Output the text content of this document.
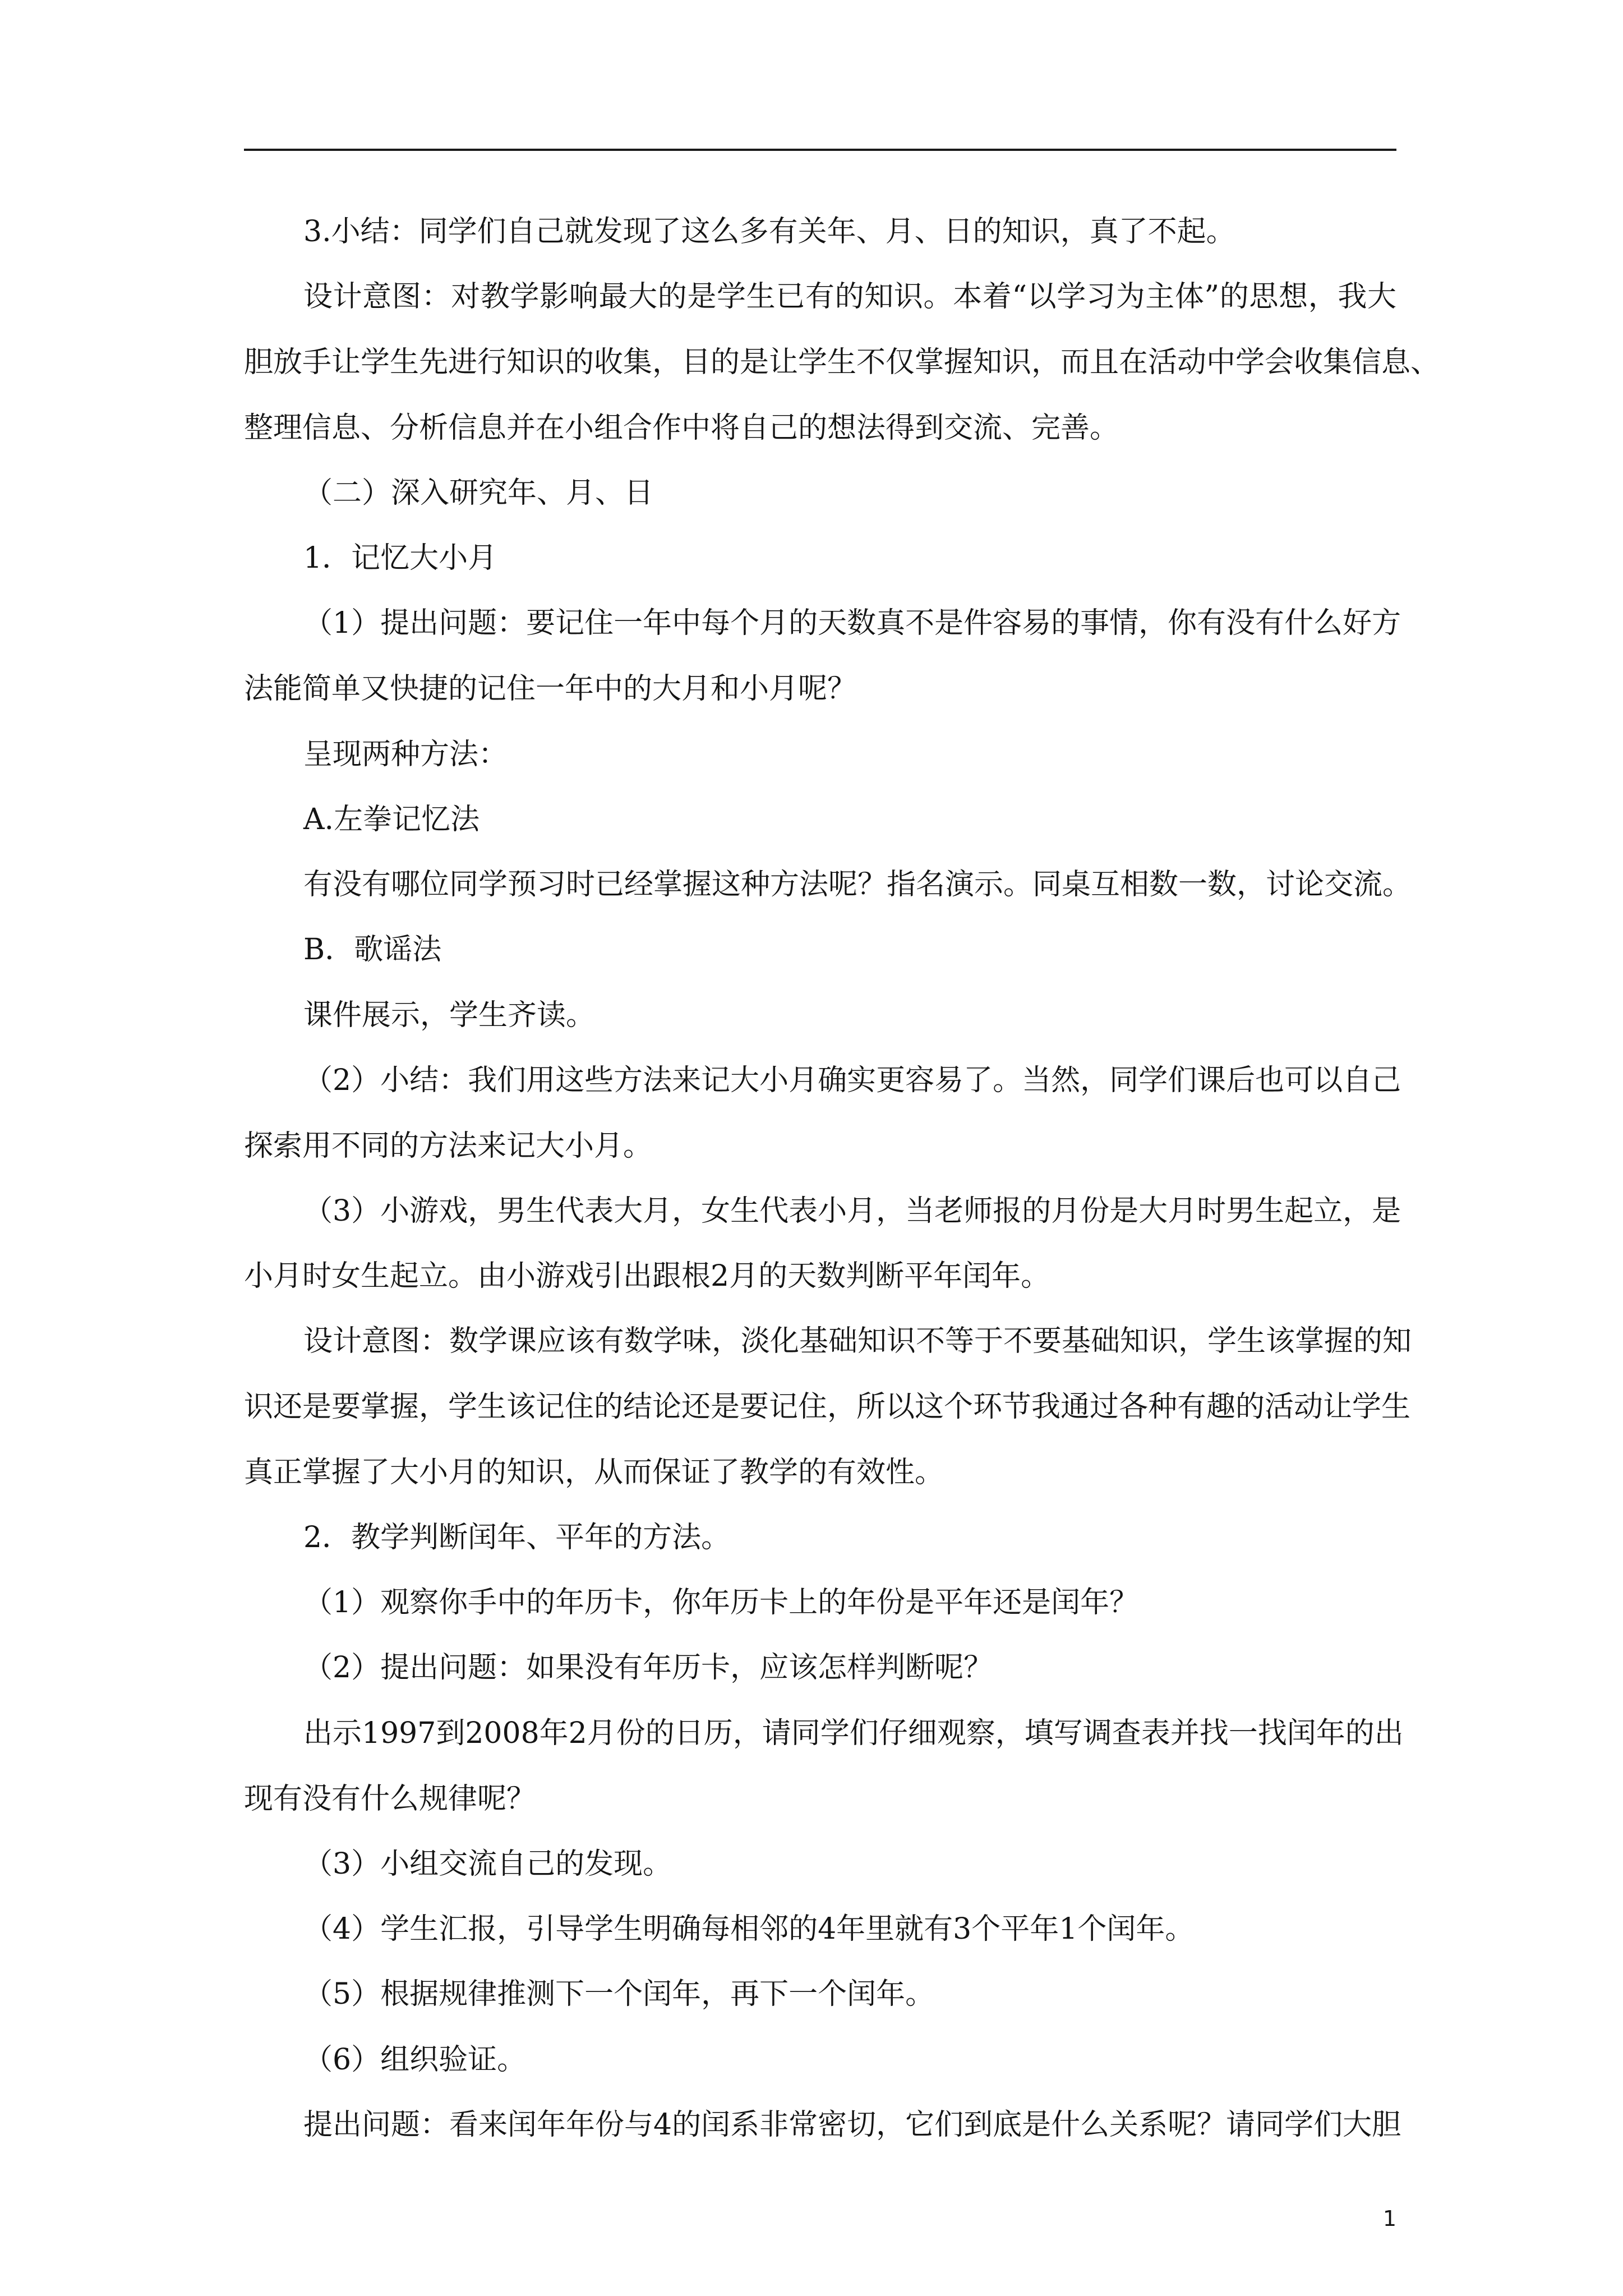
3.小结：同学们自己就发现了这么多有关年、月、日的知识，真了不起。
设计意图：对教学影响最大的是学生已有的知识。本着“以学习为主体”的思想，我大
胆放手让学生先进行知识的收集，目的是让学生不仅掌握知识，而且在活动中学会收集信息、
整理信息、分析信息并在小组合作中将自己的想法得到交流、完善。
（二）深入研究年、月、日
1．记忆大小月
（1）提出问题：要记住一年中每个月的天数真不是件容易的事情，你有没有什么好方
法能简单又快捷的记住一年中的大月和小月呢？
呈现两种方法：
A.左拳记忆法
有没有哪位同学预习时已经掌握这种方法呢？指名演示。同桌互相数一数，讨论交流。
B．歌谣法
课件展示，学生齐读。
（2）小结：我们用这些方法来记大小月确实更容易了。当然，同学们课后也可以自己
探索用不同的方法来记大小月。
（3）小游戏，男生代表大月，女生代表小月，当老师报的月份是大月时男生起立，是
小月时女生起立。由小游戏引出跟根2月的天数判断平年闰年。
设计意图：数学课应该有数学味，淡化基础知识不等于不要基础知识，学生该掌握的知
识还是要掌握，学生该记住的结论还是要记住，所以这个环节我通过各种有趣的活动让学生
真正掌握了大小月的知识，从而保证了教学的有效性。
2．教学判断闰年、平年的方法。
（1）观察你手中的年历卡，你年历卡上的年份是平年还是闰年？
（2）提出问题：如果没有年历卡，应该怎样判断呢？
出示1997到2008年2月份的日历，请同学们仔细观察，填写调查表并找一找闰年的出
现有没有什么规律呢？
（3）小组交流自己的发现。
（4）学生汇报，引导学生明确每相邻的4年里就有3个平年1个闰年。
（5）根据规律推测下一个闰年，再下一个闰年。
（6）组织验证。
提出问题：看来闰年年份与4的闰系非常密切，它们到底是什么关系呢？请同学们大胆
1
